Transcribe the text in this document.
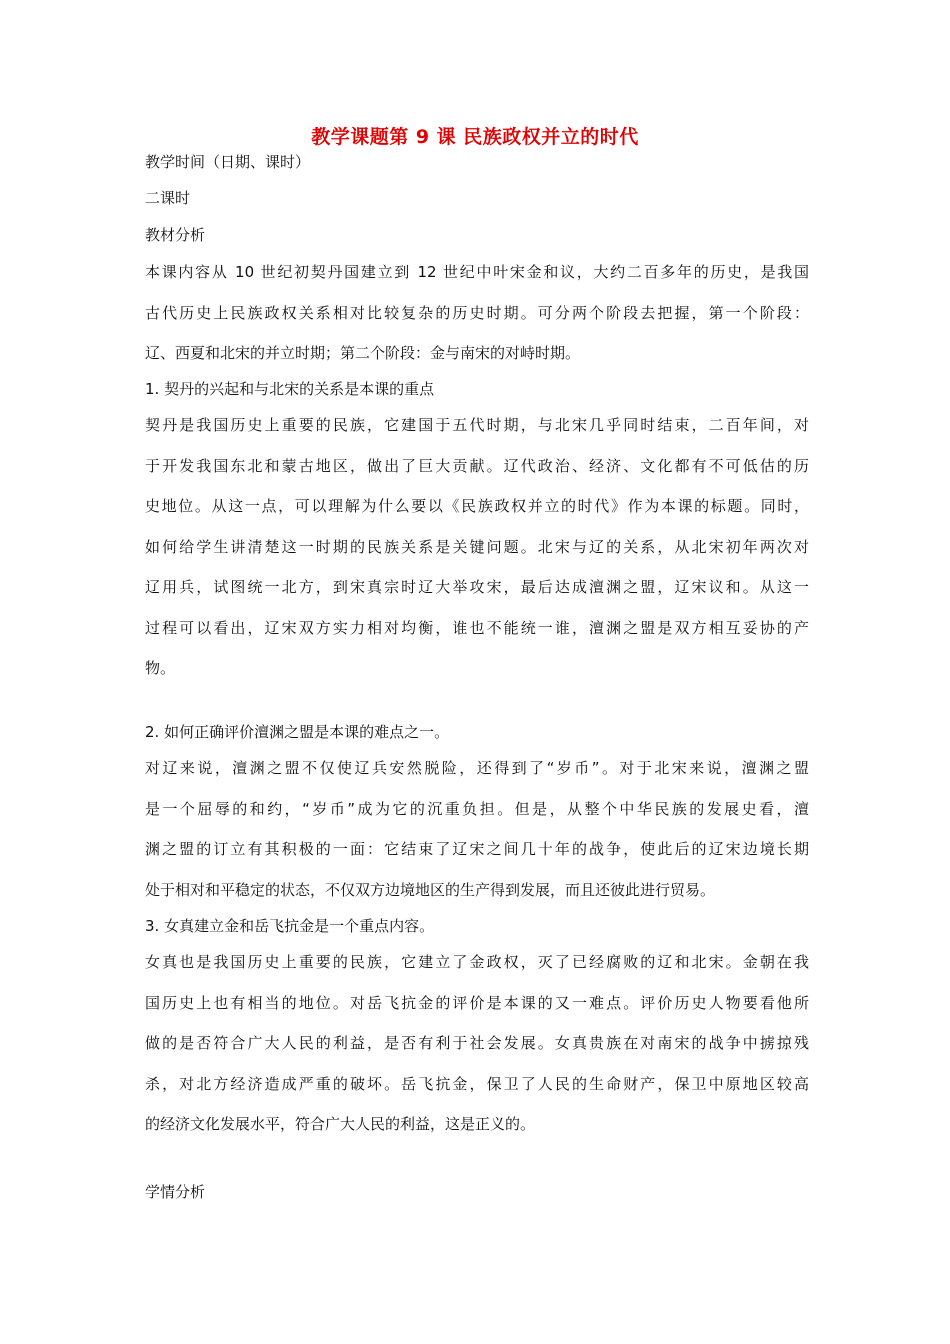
教学课题第 9 课 民族政权并立的时代
教学时间（日期、课时）
二课时
教材分析
本课内容从 10 世纪初契丹国建立到 12 世纪中叶宋金和议，大约二百多年的历史，是我国
古代历史上民族政权关系相对比较复杂的历史时期。可分两个阶段去把握，第一个阶段：
辽、西夏和北宋的并立时期；第二个阶段：金与南宋的对峙时期。
1. 契丹的兴起和与北宋的关系是本课的重点
契丹是我国历史上重要的民族，它建国于五代时期，与北宋几乎同时结束，二百年间，对
于开发我国东北和蒙古地区，做出了巨大贡献。辽代政治、经济、文化都有不可低估的历
史地位。从这一点，可以理解为什么要以《民族政权并立的时代》作为本课的标题。同时，
如何给学生讲清楚这一时期的民族关系是关键问题。北宋与辽的关系，从北宋初年两次对
辽用兵，试图统一北方，到宋真宗时辽大举攻宋，最后达成澶渊之盟，辽宋议和。从这一
过程可以看出，辽宋双方实力相对均衡，谁也不能统一谁，澶渊之盟是双方相互妥协的产
物。
2. 如何正确评价澶渊之盟是本课的难点之一。
对辽来说，澶渊之盟不仅使辽兵安然脱险，还得到了“岁币”。对于北宋来说，澶渊之盟
是一个屈辱的和约，“岁币”成为它的沉重负担。但是，从整个中华民族的发展史看，澶
渊之盟的订立有其积极的一面：它结束了辽宋之间几十年的战争，使此后的辽宋边境长期
处于相对和平稳定的状态，不仅双方边境地区的生产得到发展，而且还彼此进行贸易。
3. 女真建立金和岳飞抗金是一个重点内容。
女真也是我国历史上重要的民族，它建立了金政权，灭了已经腐败的辽和北宋。金朝在我
国历史上也有相当的地位。对岳飞抗金的评价是本课的又一难点。评价历史人物要看他所
做的是否符合广大人民的利益，是否有利于社会发展。女真贵族在对南宋的战争中掳掠残
杀，对北方经济造成严重的破坏。岳飞抗金，保卫了人民的生命财产，保卫中原地区较高
的经济文化发展水平，符合广大人民的利益，这是正义的。
学情分析
